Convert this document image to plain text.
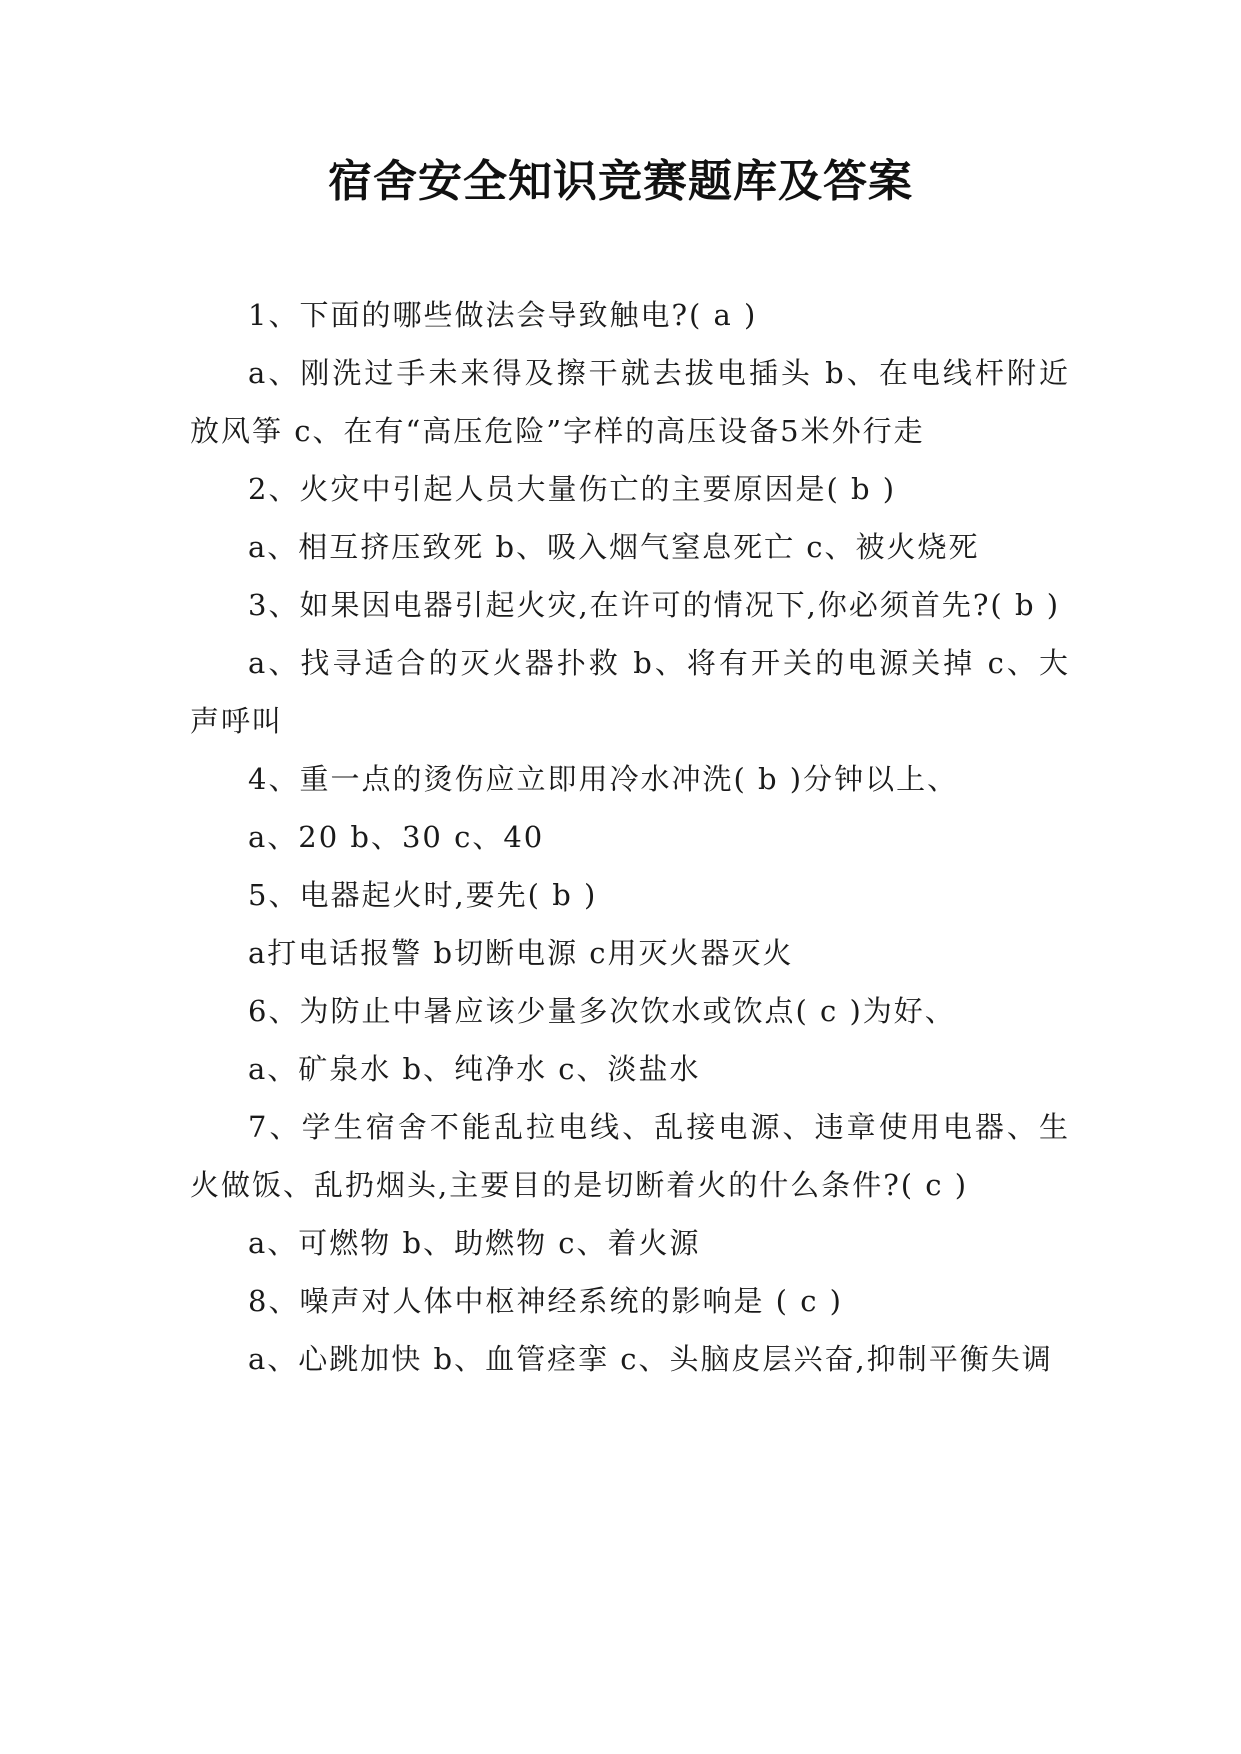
宿舍安全知识竞赛题库及答案

1、下面的哪些做法会导致触电?( a )

a、刚洗过手未来得及擦干就去拔电插头 b、在电线杆附近放风筝 c、在有“高压危险”字样的高压设备5米外行走

2、火灾中引起人员大量伤亡的主要原因是( b )

a、相互挤压致死 b、吸入烟气窒息死亡 c、被火烧死

3、如果因电器引起火灾,在许可的情况下,你必须首先?( b )

a、找寻适合的灭火器扑救 b、将有开关的电源关掉 c、大声呼叫

4、重一点的烫伤应立即用冷水冲洗( b )分钟以上、

a、20 b、30 c、40

5、电器起火时,要先( b )

a打电话报警 b切断电源 c用灭火器灭火

6、为防止中暑应该少量多次饮水或饮点( c )为好、

a、矿泉水 b、纯净水 c、淡盐水

7、学生宿舍不能乱拉电线、乱接电源、违章使用电器、生火做饭、乱扔烟头,主要目的是切断着火的什么条件?( c )

a、可燃物 b、助燃物 c、着火源

8、噪声对人体中枢神经系统的影响是 ( c )

a、心跳加快 b、血管痉挛 c、头脑皮层兴奋,抑制平衡失调
